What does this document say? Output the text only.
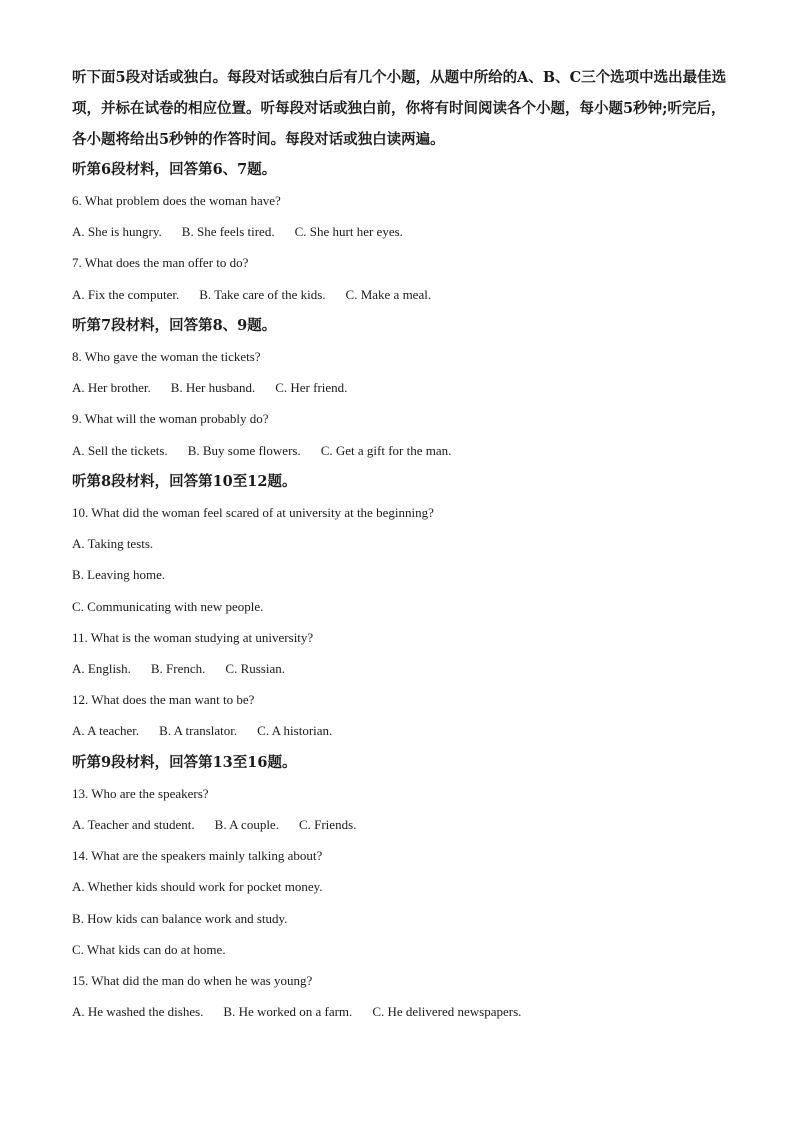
听下面5段对话或独白。每段对话或独白后有几个小题，从题中所给的A、B、C三个选项中选出最佳选项，并标在试卷的相应位置。听每段对话或独白前，你将有时间阅读各个小题，每小题5秒钟;听完后，各小题将给出5秒钟的作答时间。每段对话或独白读两遍。

听第6段材料，回答第6、7题。

6. What problem does the woman have?

A. She is hungry. B. She feels tired. C. She hurt her eyes.

7. What does the man offer to do?

A. Fix the computer. B. Take care of the kids. C. Make a meal.

听第7段材料，回答第8、9题。

8. Who gave the woman the tickets?

A. Her brother. B. Her husband. C. Her friend.

9. What will the woman probably do?

A. Sell the tickets. B. Buy some flowers. C. Get a gift for the man.

听第8段材料，回答第10至12题。

10. What did the woman feel scared of at university at the beginning?

A. Taking tests.

B. Leaving home.

C. Communicating with new people.

11. What is the woman studying at university?

A. English. B. French. C. Russian.

12. What does the man want to be?

A. A teacher. B. A translator. C. A historian.

听第9段材料，回答第13至16题。

13. Who are the speakers?

A. Teacher and student. B. A couple. C. Friends.

14. What are the speakers mainly talking about?

A. Whether kids should work for pocket money.

B. How kids can balance work and study.

C. What kids can do at home.

15. What did the man do when he was young?

A. He washed the dishes. B. He worked on a farm. C. He delivered newspapers.
